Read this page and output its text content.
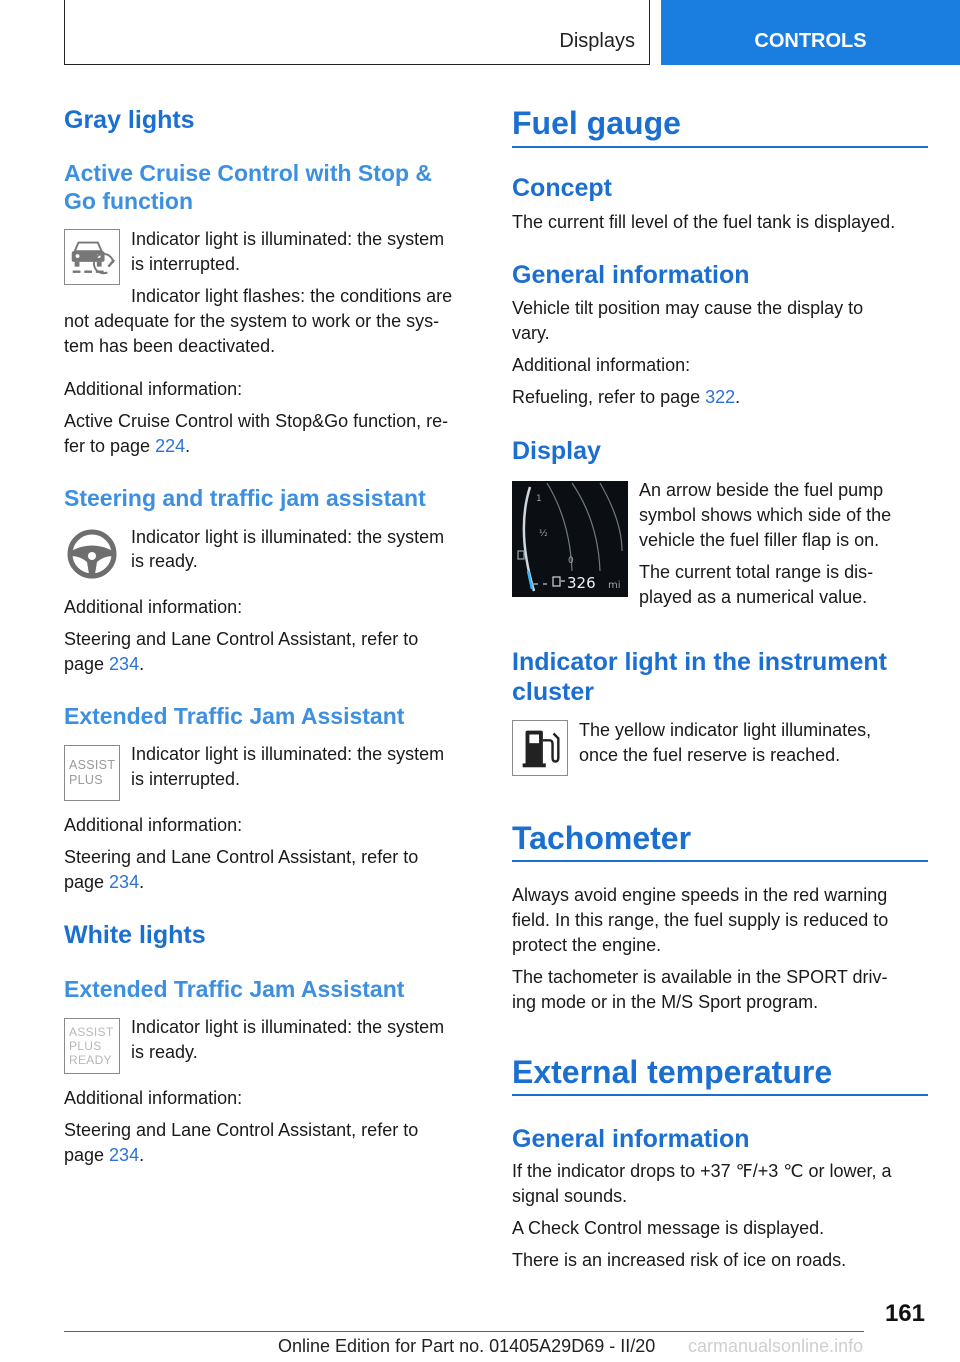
Displays	CONTROLS
Gray lights
Active Cruise Control with Stop &
Go function
Indicator light is illuminated: the system
is interrupted.
Indicator light flashes: the conditions are
not adequate for the system to work or the sys‐
tem has been deactivated.
Additional information:
Active Cruise Control with Stop&Go function, re‐
fer to page 224.
Steering and traffic jam assistant
Indicator light is illuminated: the system
is ready.
Additional information:
Steering and Lane Control Assistant, refer to
page 234.
Extended Traffic Jam Assistant
ASSIST
PLUS
Indicator light is illuminated: the system
is interrupted.
Additional information:
Steering and Lane Control Assistant, refer to
page 234.
White lights
Extended Traffic Jam Assistant
ASSIST
PLUS
READY
Indicator light is illuminated: the system
is ready.
Additional information:
Steering and Lane Control Assistant, refer to
page 234.
Fuel gauge
Concept
The current fill level of the fuel tank is displayed.
General information
Vehicle tilt position may cause the display to
vary.
Additional information:
Refueling, refer to page 322.
Display
1
½
0
326 mi
An arrow beside the fuel pump
symbol shows which side of the
vehicle the fuel filler flap is on.
The current total range is dis‐
played as a numerical value.
Indicator light in the instrument
cluster
The yellow indicator light illuminates,
once the fuel reserve is reached.
Tachometer
Always avoid engine speeds in the red warning
field. In this range, the fuel supply is reduced to
protect the engine.
The tachometer is available in the SPORT driv‐
ing mode or in the M/S Sport program.
External temperature
General information
If the indicator drops to +37 ℉/+3 ℃ or lower, a
signal sounds.
A Check Control message is displayed.
There is an increased risk of ice on roads.
161
Online Edition for Part no. 01405A29D69 - II/20 carmanualsonline.info
